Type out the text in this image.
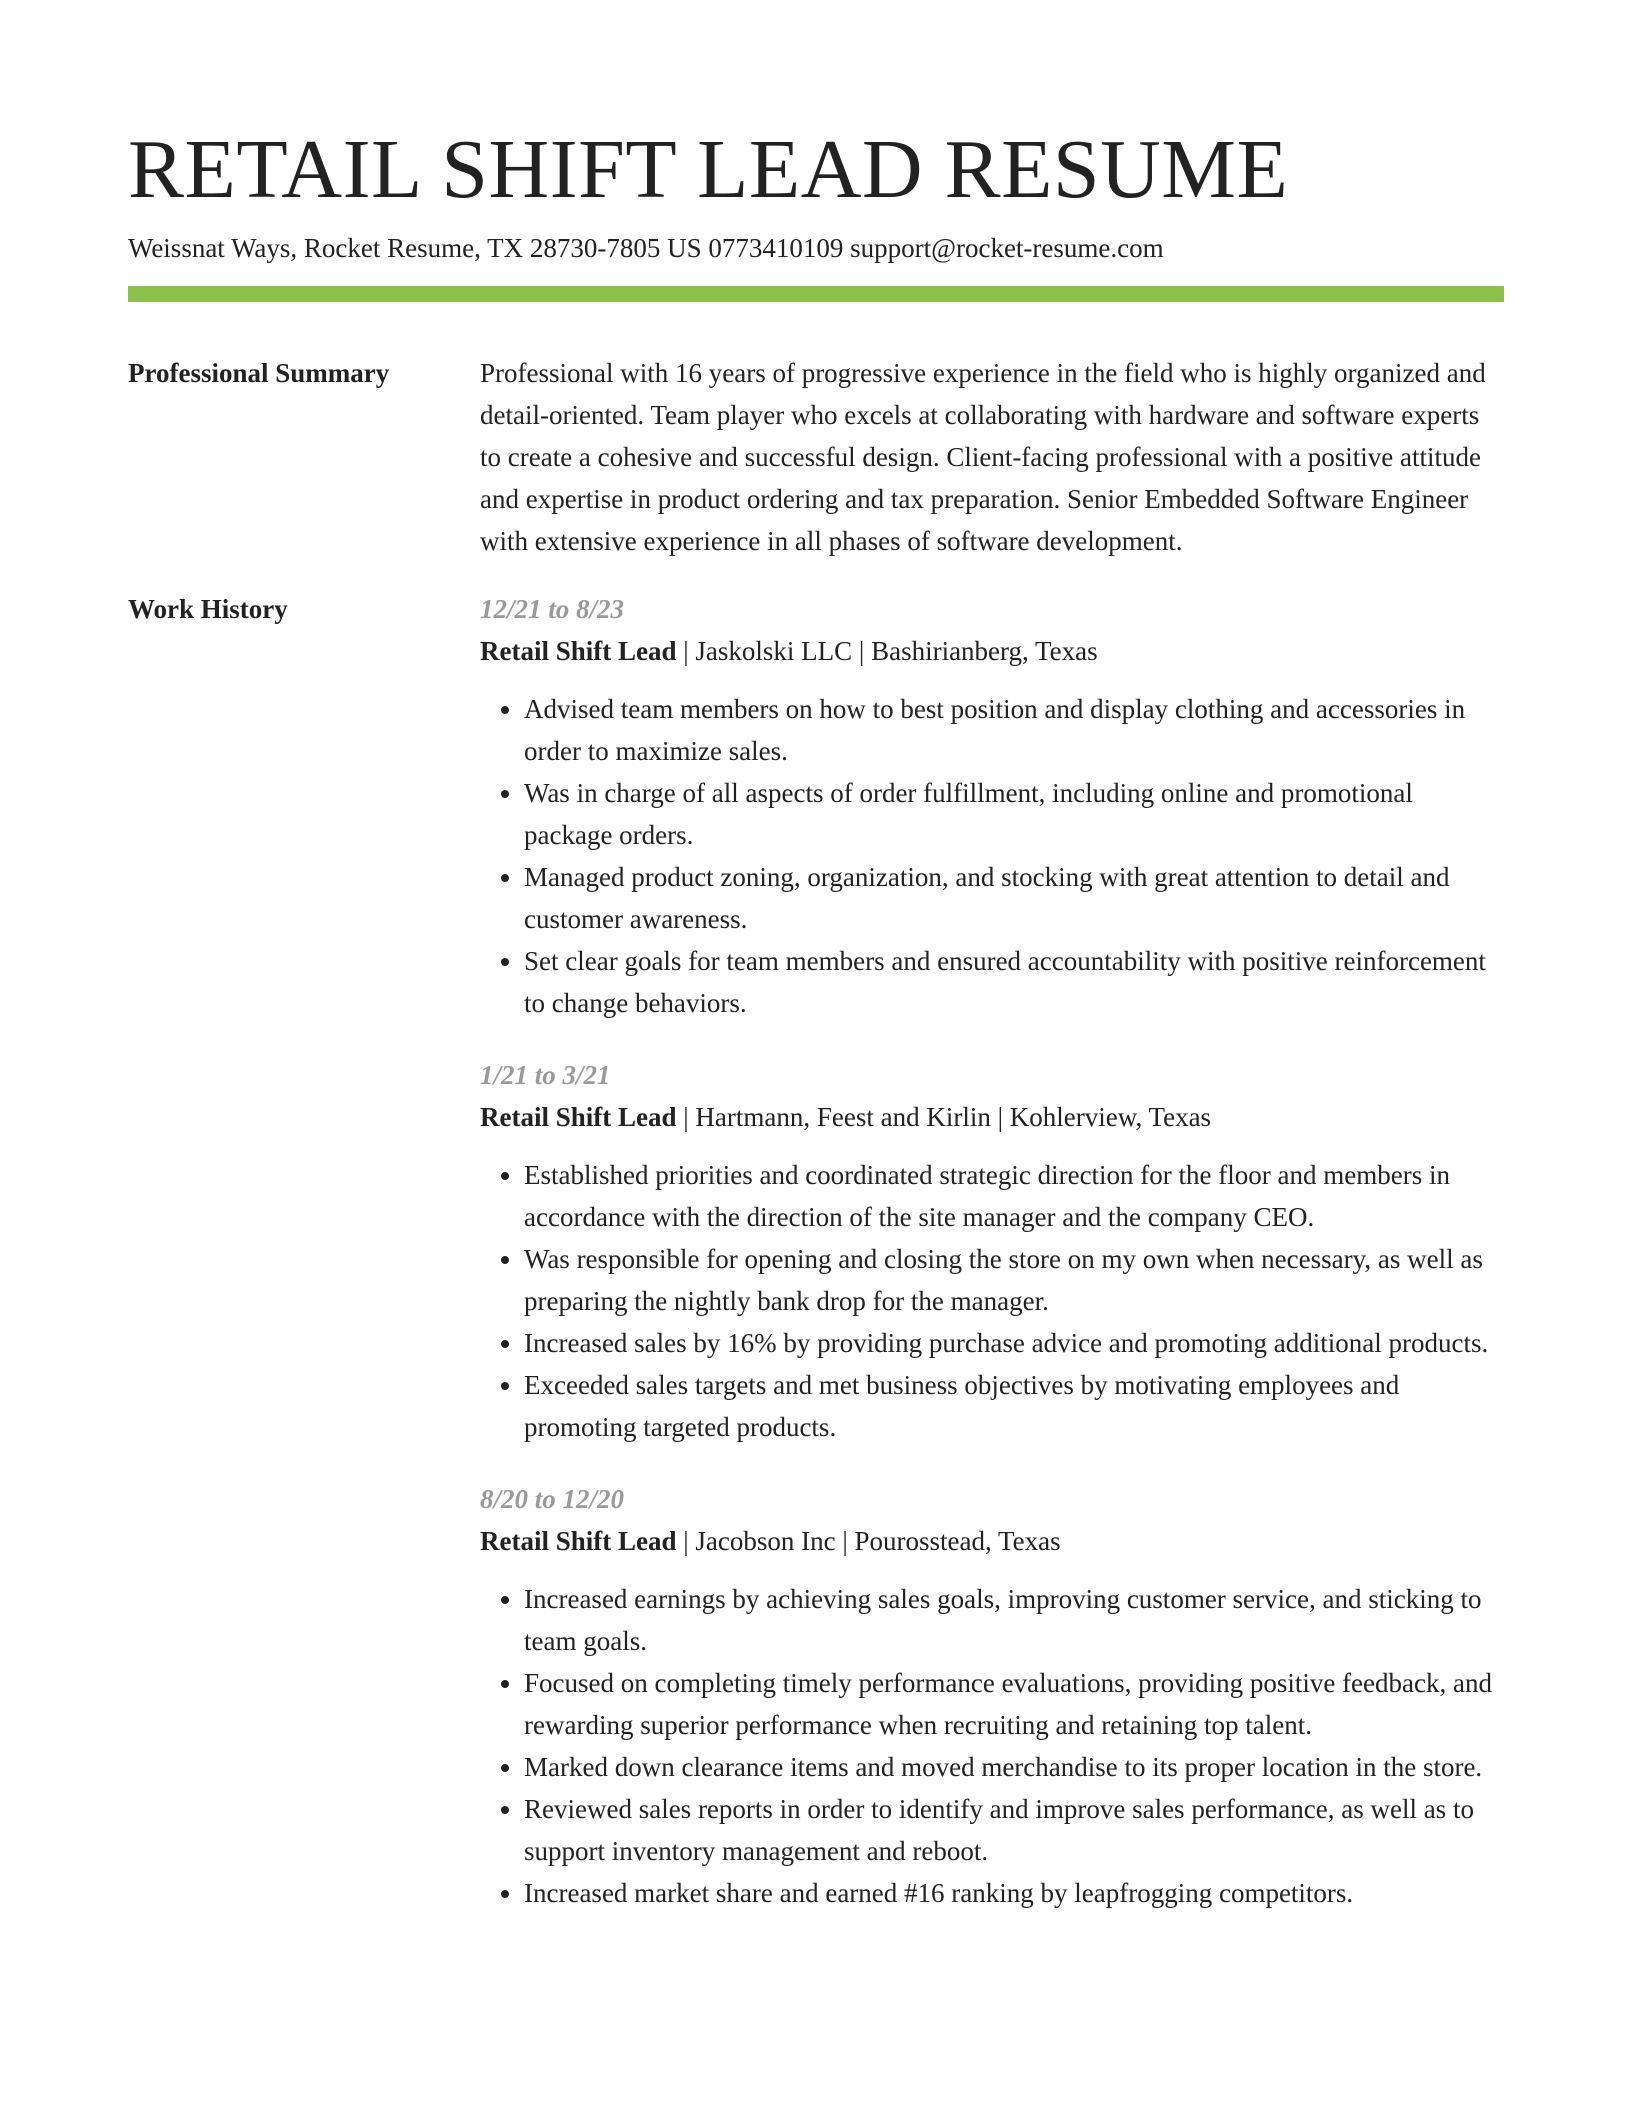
RETAIL SHIFT LEAD RESUME
Weissnat Ways, Rocket Resume, TX 28730-7805 US 0773410109 support@rocket-resume.com
Professional Summary	Professional with 16 years of progressive experience in the field who is highly organized and detail-oriented. Team player who excels at collaborating with hardware and software experts to create a cohesive and successful design. Client-facing professional with a positive attitude and expertise in product ordering and tax preparation. Senior Embedded Software Engineer with extensive experience in all phases of software development.
Work History	12/21 to 8/23
Retail Shift Lead | Jaskolski LLC | Bashirianberg, Texas
• Advised team members on how to best position and display clothing and accessories in order to maximize sales.
• Was in charge of all aspects of order fulfillment, including online and promotional package orders.
• Managed product zoning, organization, and stocking with great attention to detail and customer awareness.
• Set clear goals for team members and ensured accountability with positive reinforcement to change behaviors.
1/21 to 3/21
Retail Shift Lead | Hartmann, Feest and Kirlin | Kohlerview, Texas
• Established priorities and coordinated strategic direction for the floor and members in accordance with the direction of the site manager and the company CEO.
• Was responsible for opening and closing the store on my own when necessary, as well as preparing the nightly bank drop for the manager.
• Increased sales by 16% by providing purchase advice and promoting additional products.
• Exceeded sales targets and met business objectives by motivating employees and promoting targeted products.
8/20 to 12/20
Retail Shift Lead | Jacobson Inc | Pourosstead, Texas
• Increased earnings by achieving sales goals, improving customer service, and sticking to team goals.
• Focused on completing timely performance evaluations, providing positive feedback, and rewarding superior performance when recruiting and retaining top talent.
• Marked down clearance items and moved merchandise to its proper location in the store.
• Reviewed sales reports in order to identify and improve sales performance, as well as to support inventory management and reboot.
• Increased market share and earned #16 ranking by leapfrogging competitors.
